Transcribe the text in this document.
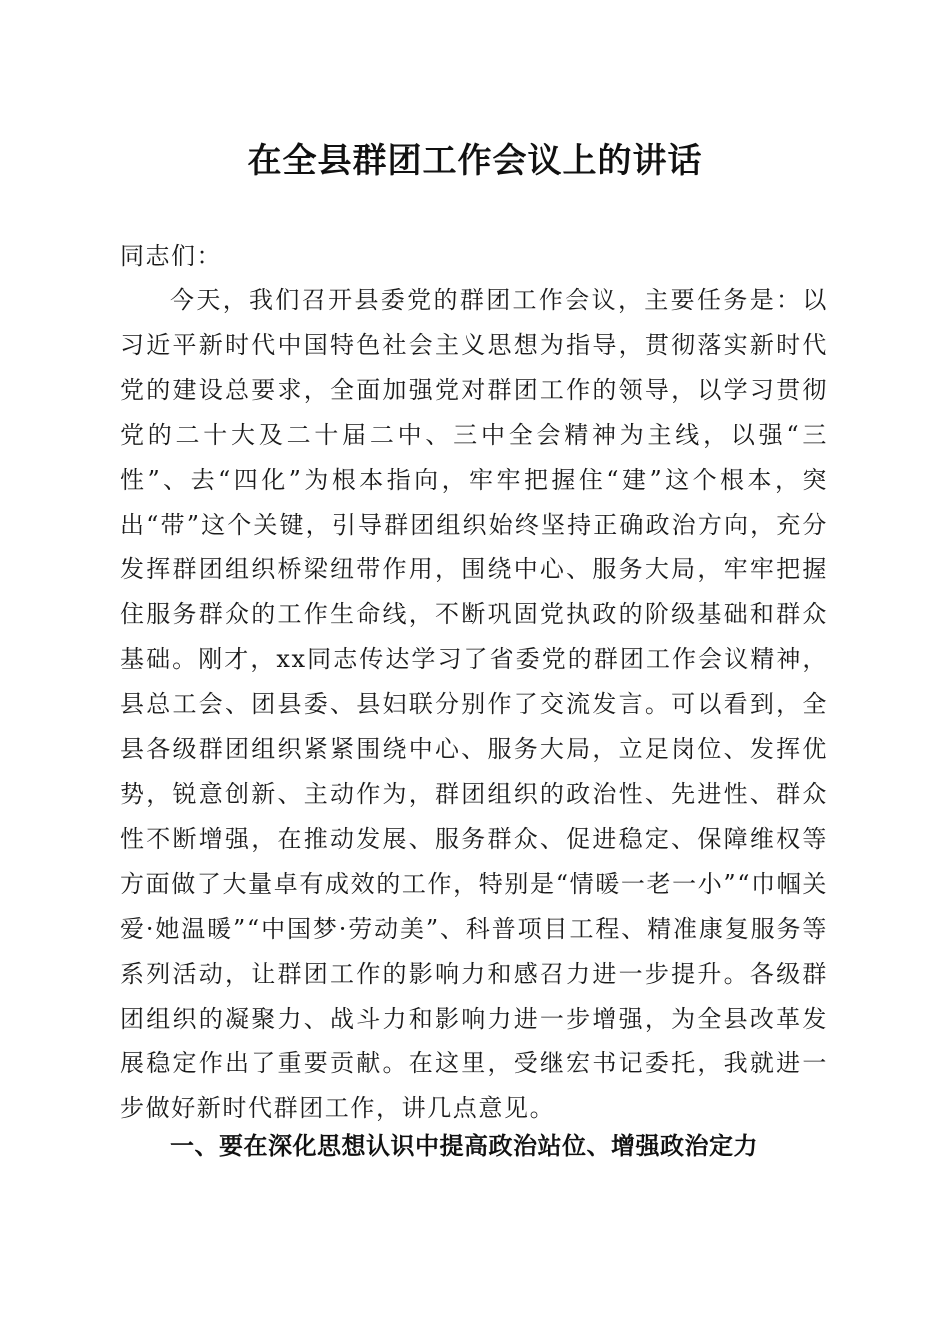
在全县群团工作会议上的讲话

同志们：

今天，我们召开县委党的群团工作会议，主要任务是：以习近平新时代中国特色社会主义思想为指导，贯彻落实新时代党的建设总要求，全面加强党对群团工作的领导，以学习贯彻党的二十大及二十届二中、三中全会精神为主线，以强“三性”、去“四化”为根本指向，牢牢把握住“建”这个根本，突出“带”这个关键，引导群团组织始终坚持正确政治方向，充分发挥群团组织桥梁纽带作用，围绕中心、服务大局，牢牢把握住服务群众的工作生命线，不断巩固党执政的阶级基础和群众基础。刚才，xx同志传达学习了省委党的群团工作会议精神，县总工会、团县委、县妇联分别作了交流发言。可以看到，全县各级群团组织紧紧围绕中心、服务大局，立足岗位、发挥优势，锐意创新、主动作为，群团组织的政治性、先进性、群众性不断增强，在推动发展、服务群众、促进稳定、保障维权等方面做了大量卓有成效的工作，特别是“情暖一老一小”“巾帼关爱·她温暖”“中国梦·劳动美”、科普项目工程、精准康复服务等系列活动，让群团工作的影响力和感召力进一步提升。各级群团组织的凝聚力、战斗力和影响力进一步增强，为全县改革发展稳定作出了重要贡献。在这里，受继宏书记委托，我就进一步做好新时代群团工作，讲几点意见。

一、要在深化思想认识中提高政治站位、增强政治定力
